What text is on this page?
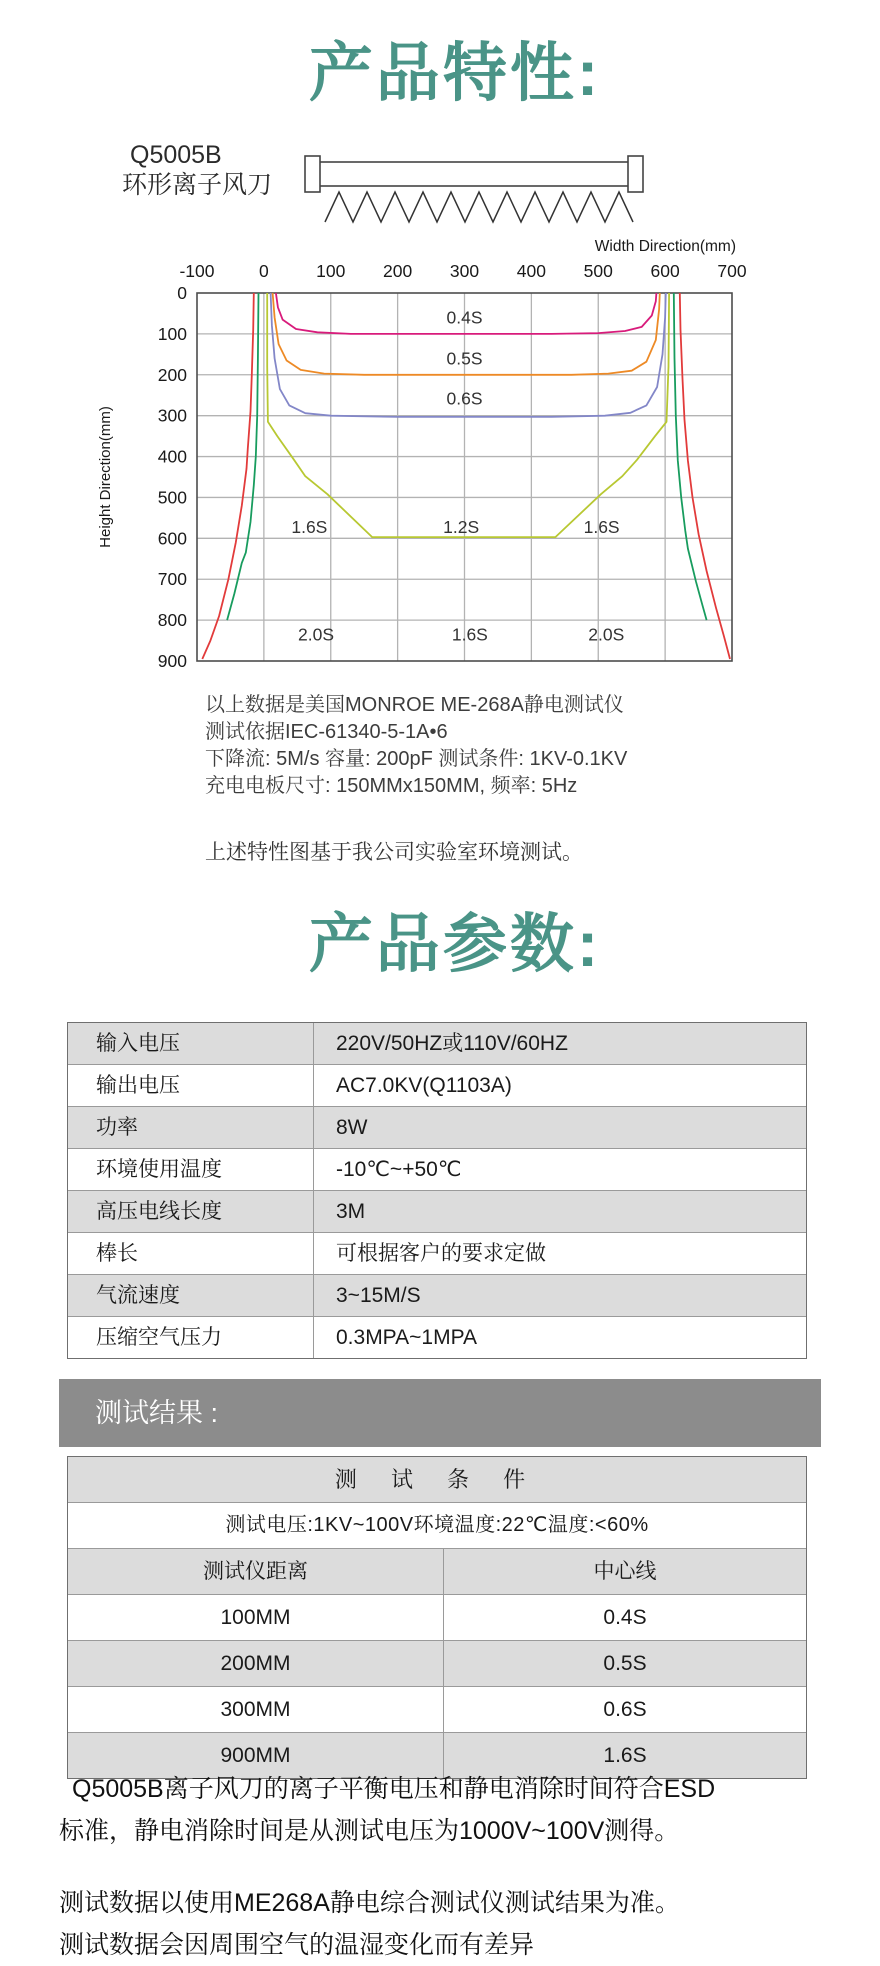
产品特性:
Q5005B
环形离子风刀
-100	0	100 200 300 400 500 600 700
0
100
200
300
400
500
600
700
800
900
Width Direction(mm)
Height Direction(mm)
0.4S
0.5S
0.6S
1.6S	1.2S	1.6S
2.0S	1.6S	2.0S
以上数据是美国MONROE ME-268A静电测试仪
测试依据IEC-61340-5-1A•6
下降流: 5M/s 容量: 200pF 测试条件: 1KV-0.1KV
充电电板尺寸: 150MMx150MM, 频率: 5Hz
上述特性图基于我公司实验室环境测试。
产品参数:
输入电压	220V/50HZ或110V/60HZ
输出电压	AC7.0KV(Q1103A)
功率	8W
环境使用温度	-10℃~+50℃
高压电线长度	3M
棒长	可根据客户的要求定做
气流速度	3~15M/S
压缩空气压力	0.3MPA~1MPA
测试结果 :
测 试 条 件
测试电压:1KV~100V环境温度:22℃温度:<60%
测试仪距离	中心线
100MM	0.4S
200MM	0.5S
300MM	0.6S
900MM	1.6S
Q5005B离子风刀的离子平衡电压和静电消除时间符合ESD
标准，静电消除时间是从测试电压为1000V~100V测得。
测试数据以使用ME268A静电综合测试仪测试结果为准。
测试数据会因周围空气的温湿变化而有差异
